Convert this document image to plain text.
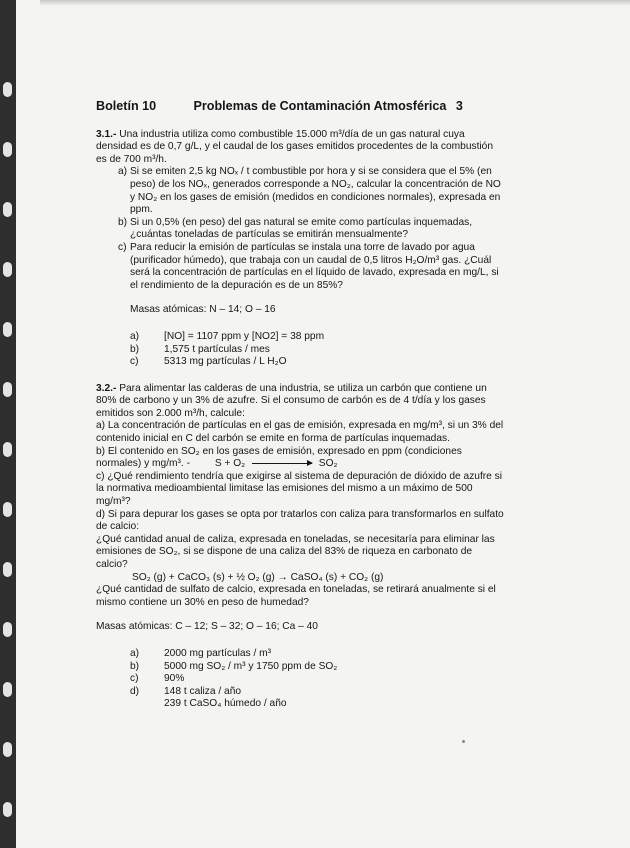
Boletín 10	Problemas de Contaminación Atmosférica 3

3.1.- Una industria utiliza como combustible 15.000 m³/día de un gas natural cuya

densidad es de 0,7 g/L, y el caudal de los gases emitidos procedentes de la combustión

es de 700 m³/h.

a) Si se emiten 2,5 kg NOₓ / t combustible por hora y si se considera que el 5% (en
peso) de los NOₓ, generados corresponde a NO₂, calcular la concentración de NO
y NO₂ en los gases de emisión (medidos en condiciones normales), expresada en
ppm.
b) Si un 0,5% (en peso) del gas natural se emite como partículas inquemadas,
¿cuántas toneladas de partículas se emitirán mensualmente?
c) Para reducir la emisión de partículas se instala una torre de lavado por agua
(purificador húmedo), que trabaja con un caudal de 0,5 litros H₂O/m³ gas. ¿Cuál
será la concentración de partículas en el líquido de lavado, expresada en mg/L, si
el rendimiento de la depuración es de un 85%?
Masas atómicas: N – 14; O – 16
a)	[NO] = 1107 ppm y [NO2] = 38 ppm
b)	1,575 t partículas / mes
c)	5313 mg partículas / L H₂O

3.2.- Para alimentar las calderas de una industria, se utiliza un carbón que contiene un

80% de carbono y un 3% de azufre. Si el consumo de carbón es de 4 t/día y los gases

emitidos son 2.000 m³/h, calcule:

a) La concentración de partículas en el gas de emisión, expresada en mg/m³, si un 3% del

contenido inicial en C del carbón se emite en forma de partículas inquemadas.

b) El contenido en SO₂ en los gases de emisión, expresado en ppm (condiciones

normales) y mg/m³. - S + O₂	SO₂

c) ¿Qué rendimiento tendría que exigirse al sistema de depuración de dióxido de azufre si

la normativa medioambiental limitase las emisiones del mismo a un máximo de 500

mg/m³?

d) Si para depurar los gases se opta por tratarlos con caliza para transformarlos en sulfato

de calcio:

¿Qué cantidad anual de caliza, expresada en toneladas, se necesitaría para eliminar las

emisiones de SO₂, si se dispone de una caliza del 83% de riqueza en carbonato de

calcio?

SO₂ (g) + CaCO₃ (s) + ½ O₂ (g) → CaSO₄ (s) + CO₂ (g)

¿Qué cantidad de sulfato de calcio, expresada en toneladas, se retirará anualmente si el

mismo contiene un 30% en peso de humedad?

Masas atómicas: C – 12; S – 32; O – 16; Ca – 40
a)	2000 mg partículas / m³
b)	5000 mg SO₂ / m³ y 1750 ppm de SO₂
c)	90%
d)	148 t caliza / año
239 t CaSO₄ húmedo / año
